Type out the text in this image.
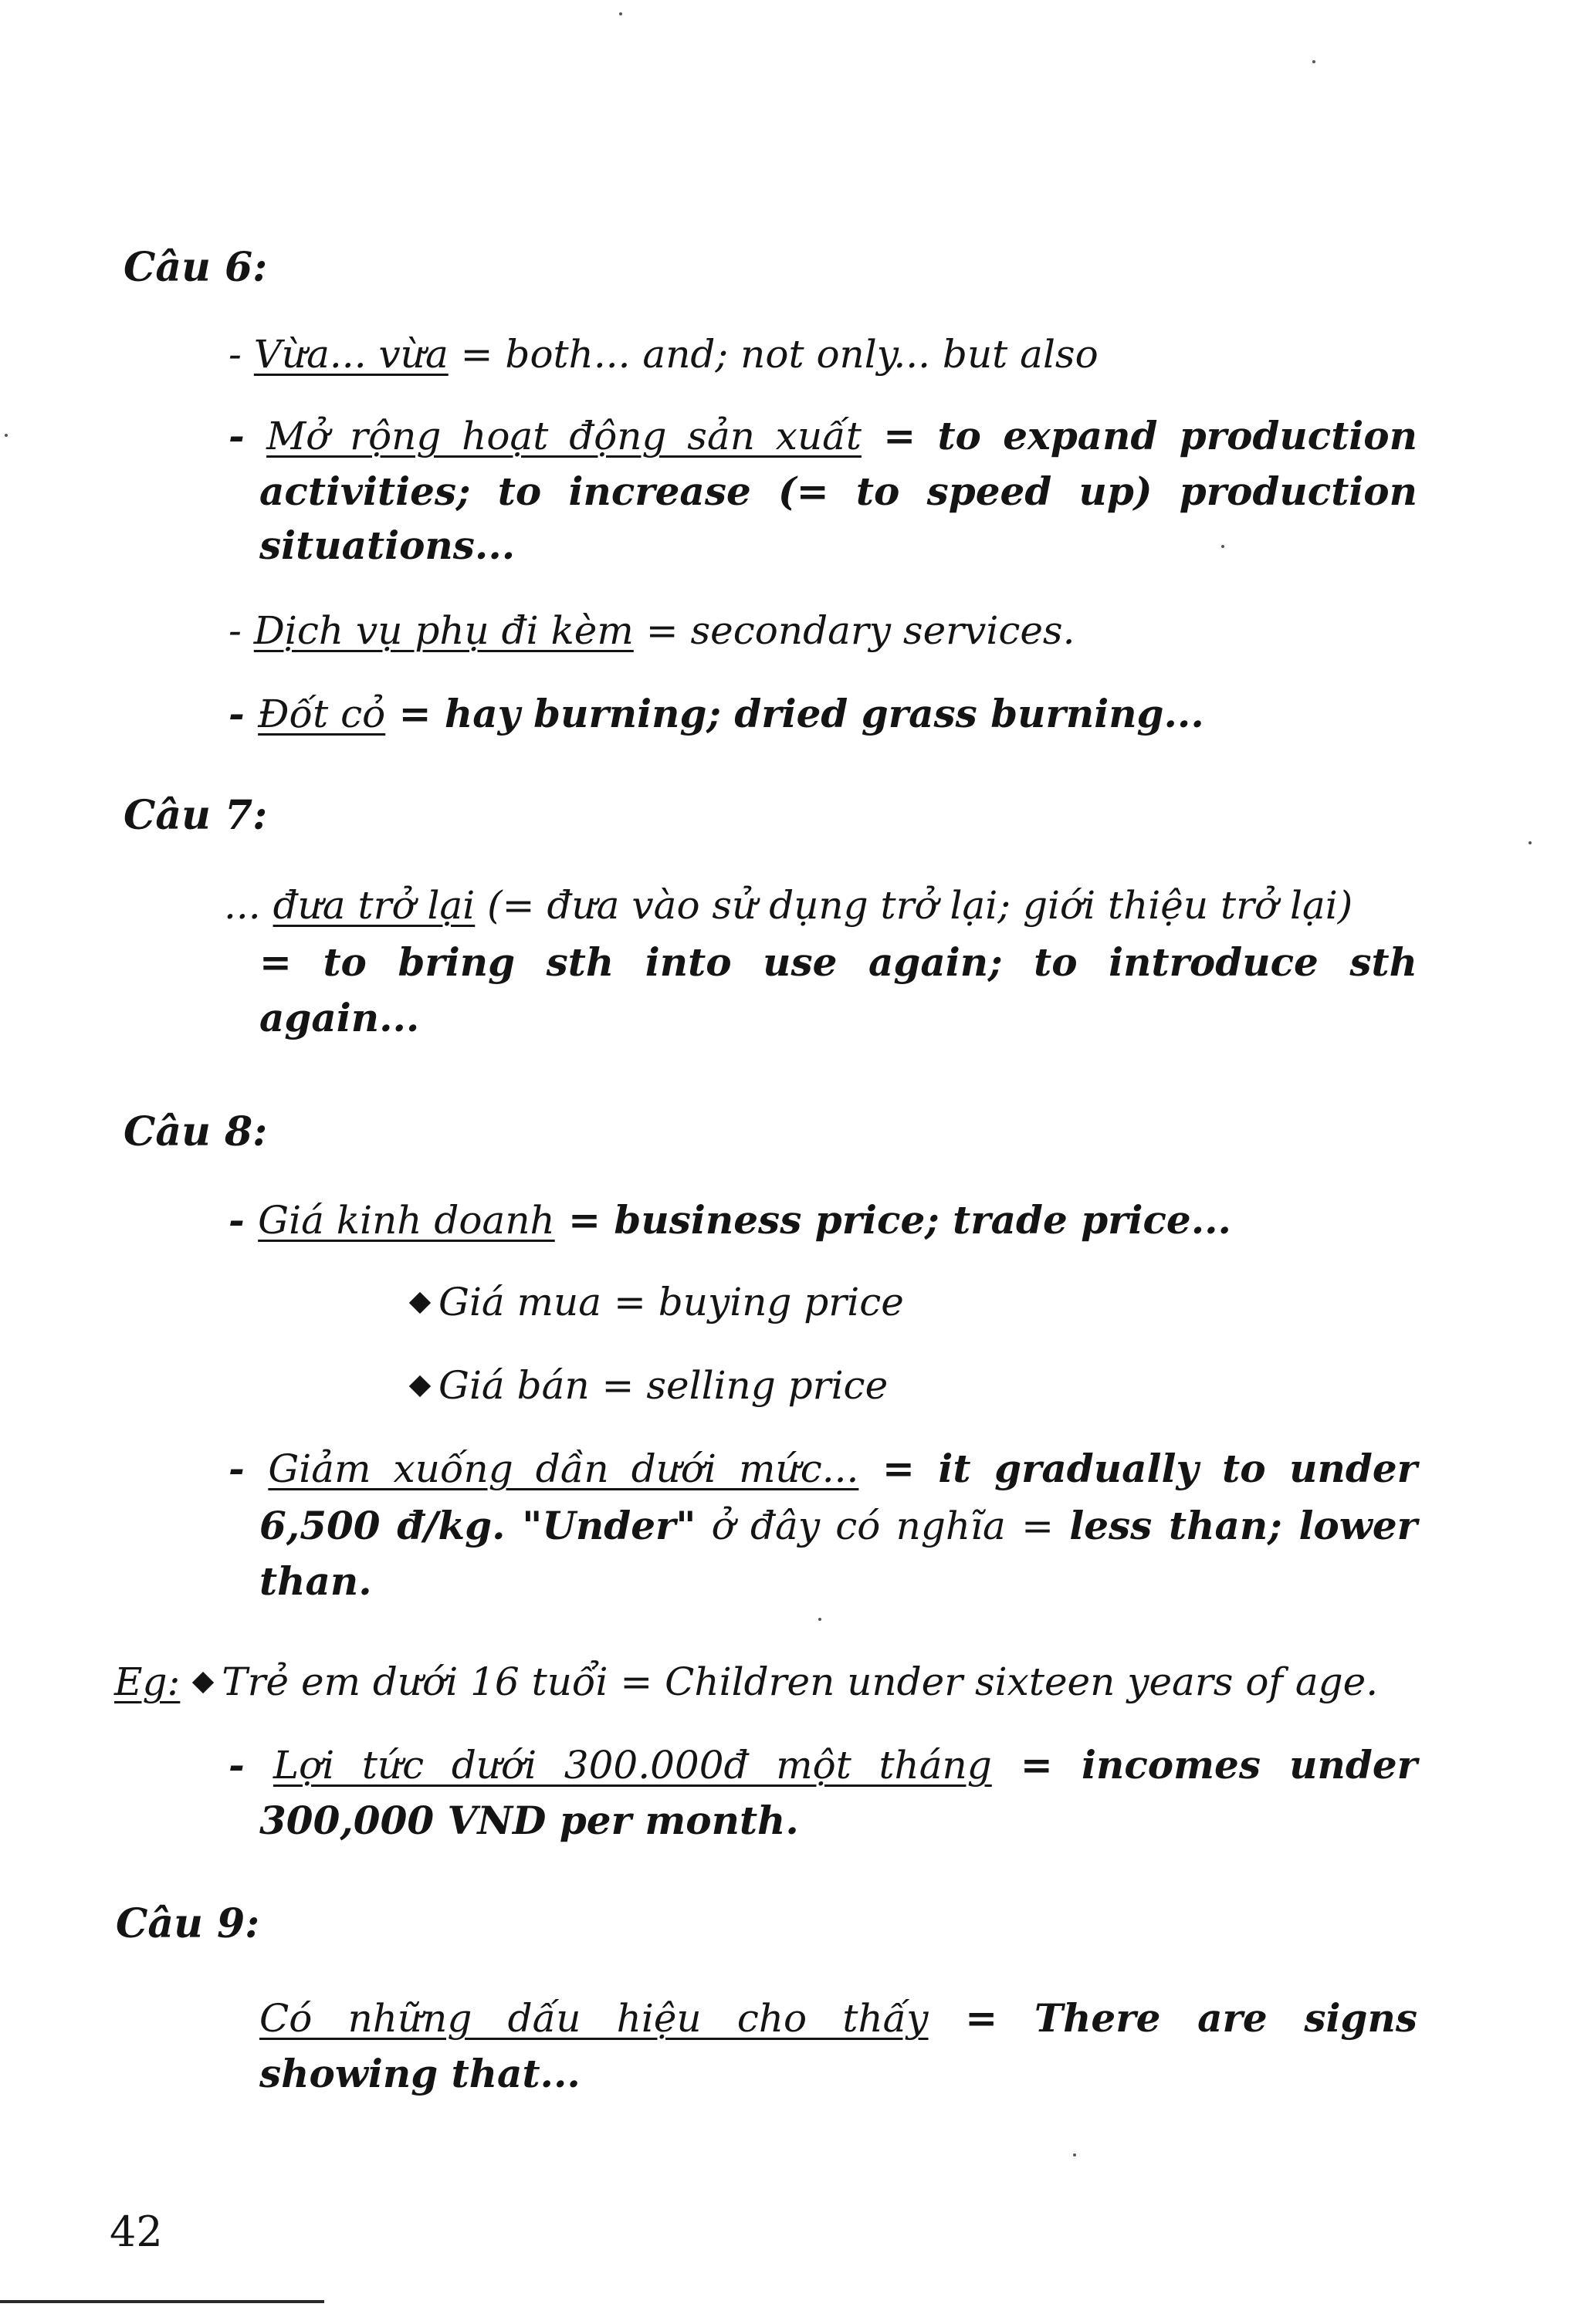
Câu 6:
- Vừa... vừa = both... and; not only... but also
- Mở rộng hoạt động sản xuất = to expand production
activities; to increase (= to speed up) production
situations...
- Dịch vụ phụ đi kèm = secondary services.
- Đốt cỏ = hay burning; dried grass burning...
Câu 7:
... đưa trở lại (= đưa vào sử dụng trở lại; giới thiệu trở lại)
= to bring sth into use again; to introduce sth
again...
Câu 8:
- Giá kinh doanh = business price; trade price...
Giá mua = buying price
Giá bán = selling price
- Giảm xuống dần dưới mức... = it gradually to under
6,500 đ/kg. "Under" ở đây có nghĩa = less than; lower
than.
Eg: Trẻ em dưới 16 tuổi = Children under sixteen years of age.
- Lợi tức dưới 300.000đ một tháng = incomes under
300,000 VND per month.
Câu 9:
Có những dấu hiệu cho thấy = There are signs
showing that...
42
